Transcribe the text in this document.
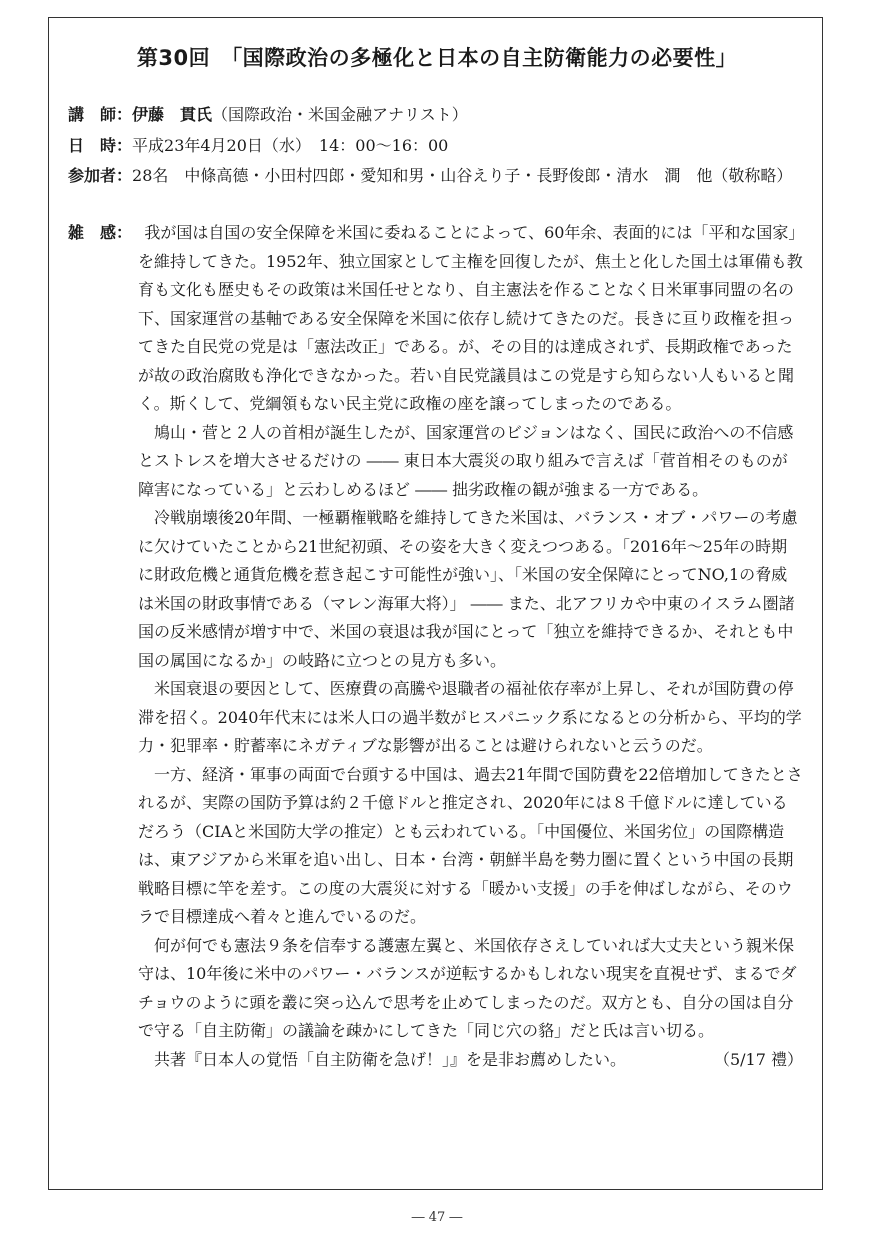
第30回　「国際政治の多極化と日本の自主防衛能力の必要性」
講　師：伊藤　貫氏（国際政治・米国金融アナリスト）
日　時：平成23年4月20日（水）　14：00～16：00
参加者：28名　中條高德・小田村四郎・愛知和男・山谷えり子・長野俊郎・清水　澗　他（敬称略）
雑　感： 我が国は自国の安全保障を米国に委ねることによって、60年余、表面的には「平和な国家」を維持してきた。1952年、独立国家として主権を回復したが、焦土と化した国土は軍備も教育も文化も歴史もその政策は米国任せとなり、自主憲法を作ることなく日米軍事同盟の名の下、国家運営の基軸である安全保障を米国に依存し続けてきたのだ。長きに亘り政権を担ってきた自民党の党是は「憲法改正」である。が、その目的は達成されず、長期政権であったが故の政治腐敗も浄化できなかった。若い自民党議員はこの党是すら知らない人もいると聞く。斯くして、党綱領もない民主党に政権の座を譲ってしまったのである。

鳩山・菅と２人の首相が誕生したが、国家運営のビジョンはなく、国民に政治への不信感とストレスを増大させるだけの ―― 東日本大震災の取り組みで言えば「菅首相そのものが障害になっている」と云わしめるほど ―― 拙劣政権の観が強まる一方である。

冷戦崩壊後20年間、一極覇権戦略を維持してきた米国は、バランス・オブ・パワーの考慮に欠けていたことから21世紀初頭、その姿を大きく変えつつある。「2016年～25年の時期に財政危機と通貨危機を惹き起こす可能性が強い」、「米国の安全保障にとってNO,1の脅威は米国の財政事情である（マレン海軍大将）」 ―― また、北アフリカや中東のイスラム圏諸国の反米感情が増す中で、米国の衰退は我が国にとって「独立を維持できるか、それとも中国の属国になるか」の岐路に立つとの見方も多い。

米国衰退の要因として、医療費の高騰や退職者の福祉依存率が上昇し、それが国防費の停滞を招く。2040年代末には米人口の過半数がヒスパニック系になるとの分析から、平均的学力・犯罪率・貯蓄率にネガティブな影響が出ることは避けられないと云うのだ。

一方、経済・軍事の両面で台頭する中国は、過去21年間で国防費を22倍増加してきたとされるが、実際の国防予算は約２千億ドルと推定され、2020年には８千億ドルに達しているだろう（CIAと米国防大学の推定）とも云われている。「中国優位、米国劣位」の国際構造は、東アジアから米軍を追い出し、日本・台湾・朝鮮半島を勢力圏に置くという中国の長期戦略目標に竿を差す。この度の大震災に対する「暖かい支援」の手を伸ばしながら、そのウラで目標達成へ着々と進んでいるのだ。

何が何でも憲法９条を信奉する護憲左翼と、米国依存さえしていれば大丈夫という親米保守は、10年後に米中のパワー・バランスが逆転するかもしれない現実を直視せず、まるでダチョウのように頭を叢に突っ込んで思考を止めてしまったのだ。双方とも、自分の国は自分で守る「自主防衛」の議論を疎かにしてきた「同じ穴の貉」だと氏は言い切る。

共著『日本人の覚悟「自主防衛を急げ！」』を是非お薦めしたい。	（5/17 禮）
― 47 ―
